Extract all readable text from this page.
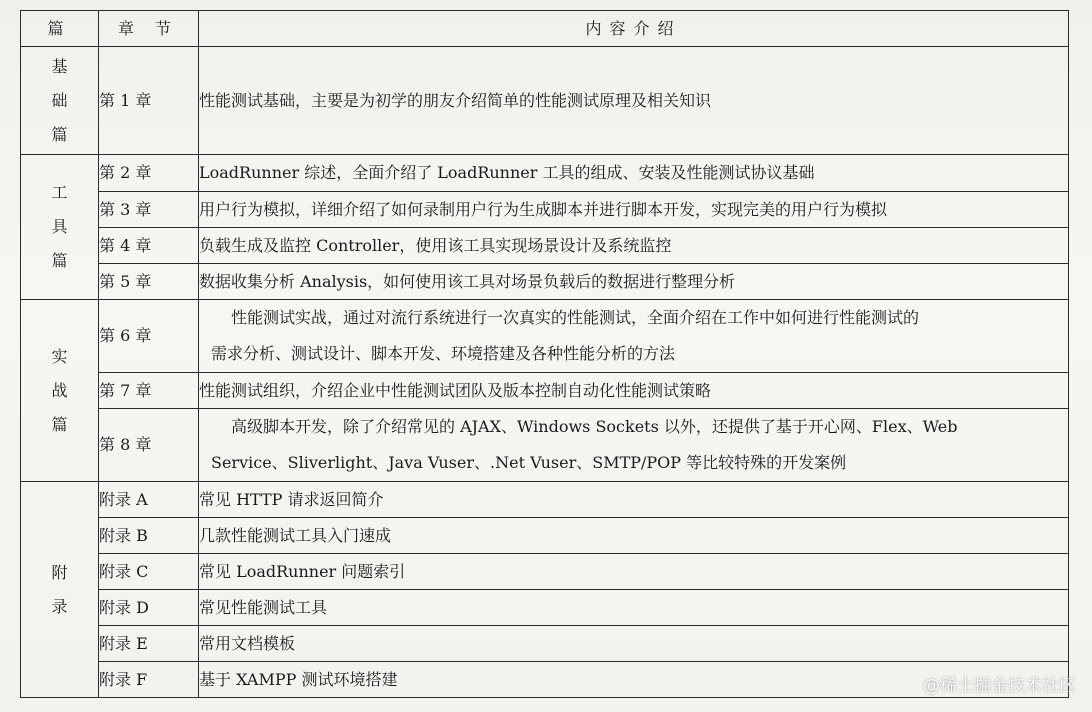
篇	章 节	内容介绍

基
础
篇	第 1 章	性能测试基础，主要是为初学的朋友介绍简单的性能测试原理及相关知识

工
具
篇	第 2 章	LoadRunner 综述，全面介绍了 LoadRunner 工具的组成、安装及性能测试协议基础
	第 3 章	用户行为模拟，详细介绍了如何录制用户行为生成脚本并进行脚本开发，实现完美的用户行为模拟
	第 4 章	负载生成及监控 Controller，使用该工具实现场景设计及系统监控
	第 5 章	数据收集分析 Analysis，如何使用该工具对场景负载后的数据进行整理分析

实
战
篇	第 6 章	性能测试实战，通过对流行系统进行一次真实的性能测试，全面介绍在工作中如何进行性能测试的
需求分析、测试设计、脚本开发、环境搭建及各种性能分析的方法
	第 7 章	性能测试组织，介绍企业中性能测试团队及版本控制自动化性能测试策略
	第 8 章	高级脚本开发，除了介绍常见的 AJAX、Windows Sockets 以外，还提供了基于开心网、Flex、Web
Service、Sliverlight、Java Vuser、.Net Vuser、SMTP/POP 等比较特殊的开发案例

附
录	附录 A	常见 HTTP 请求返回简介
	附录 B	几款性能测试工具入门速成
	附录 C	常见 LoadRunner 问题索引
	附录 D	常见性能测试工具
	附录 E	常用文档模板
	附录 F	基于 XAMPP 测试环境搭建	@稀土掘金技术社区
